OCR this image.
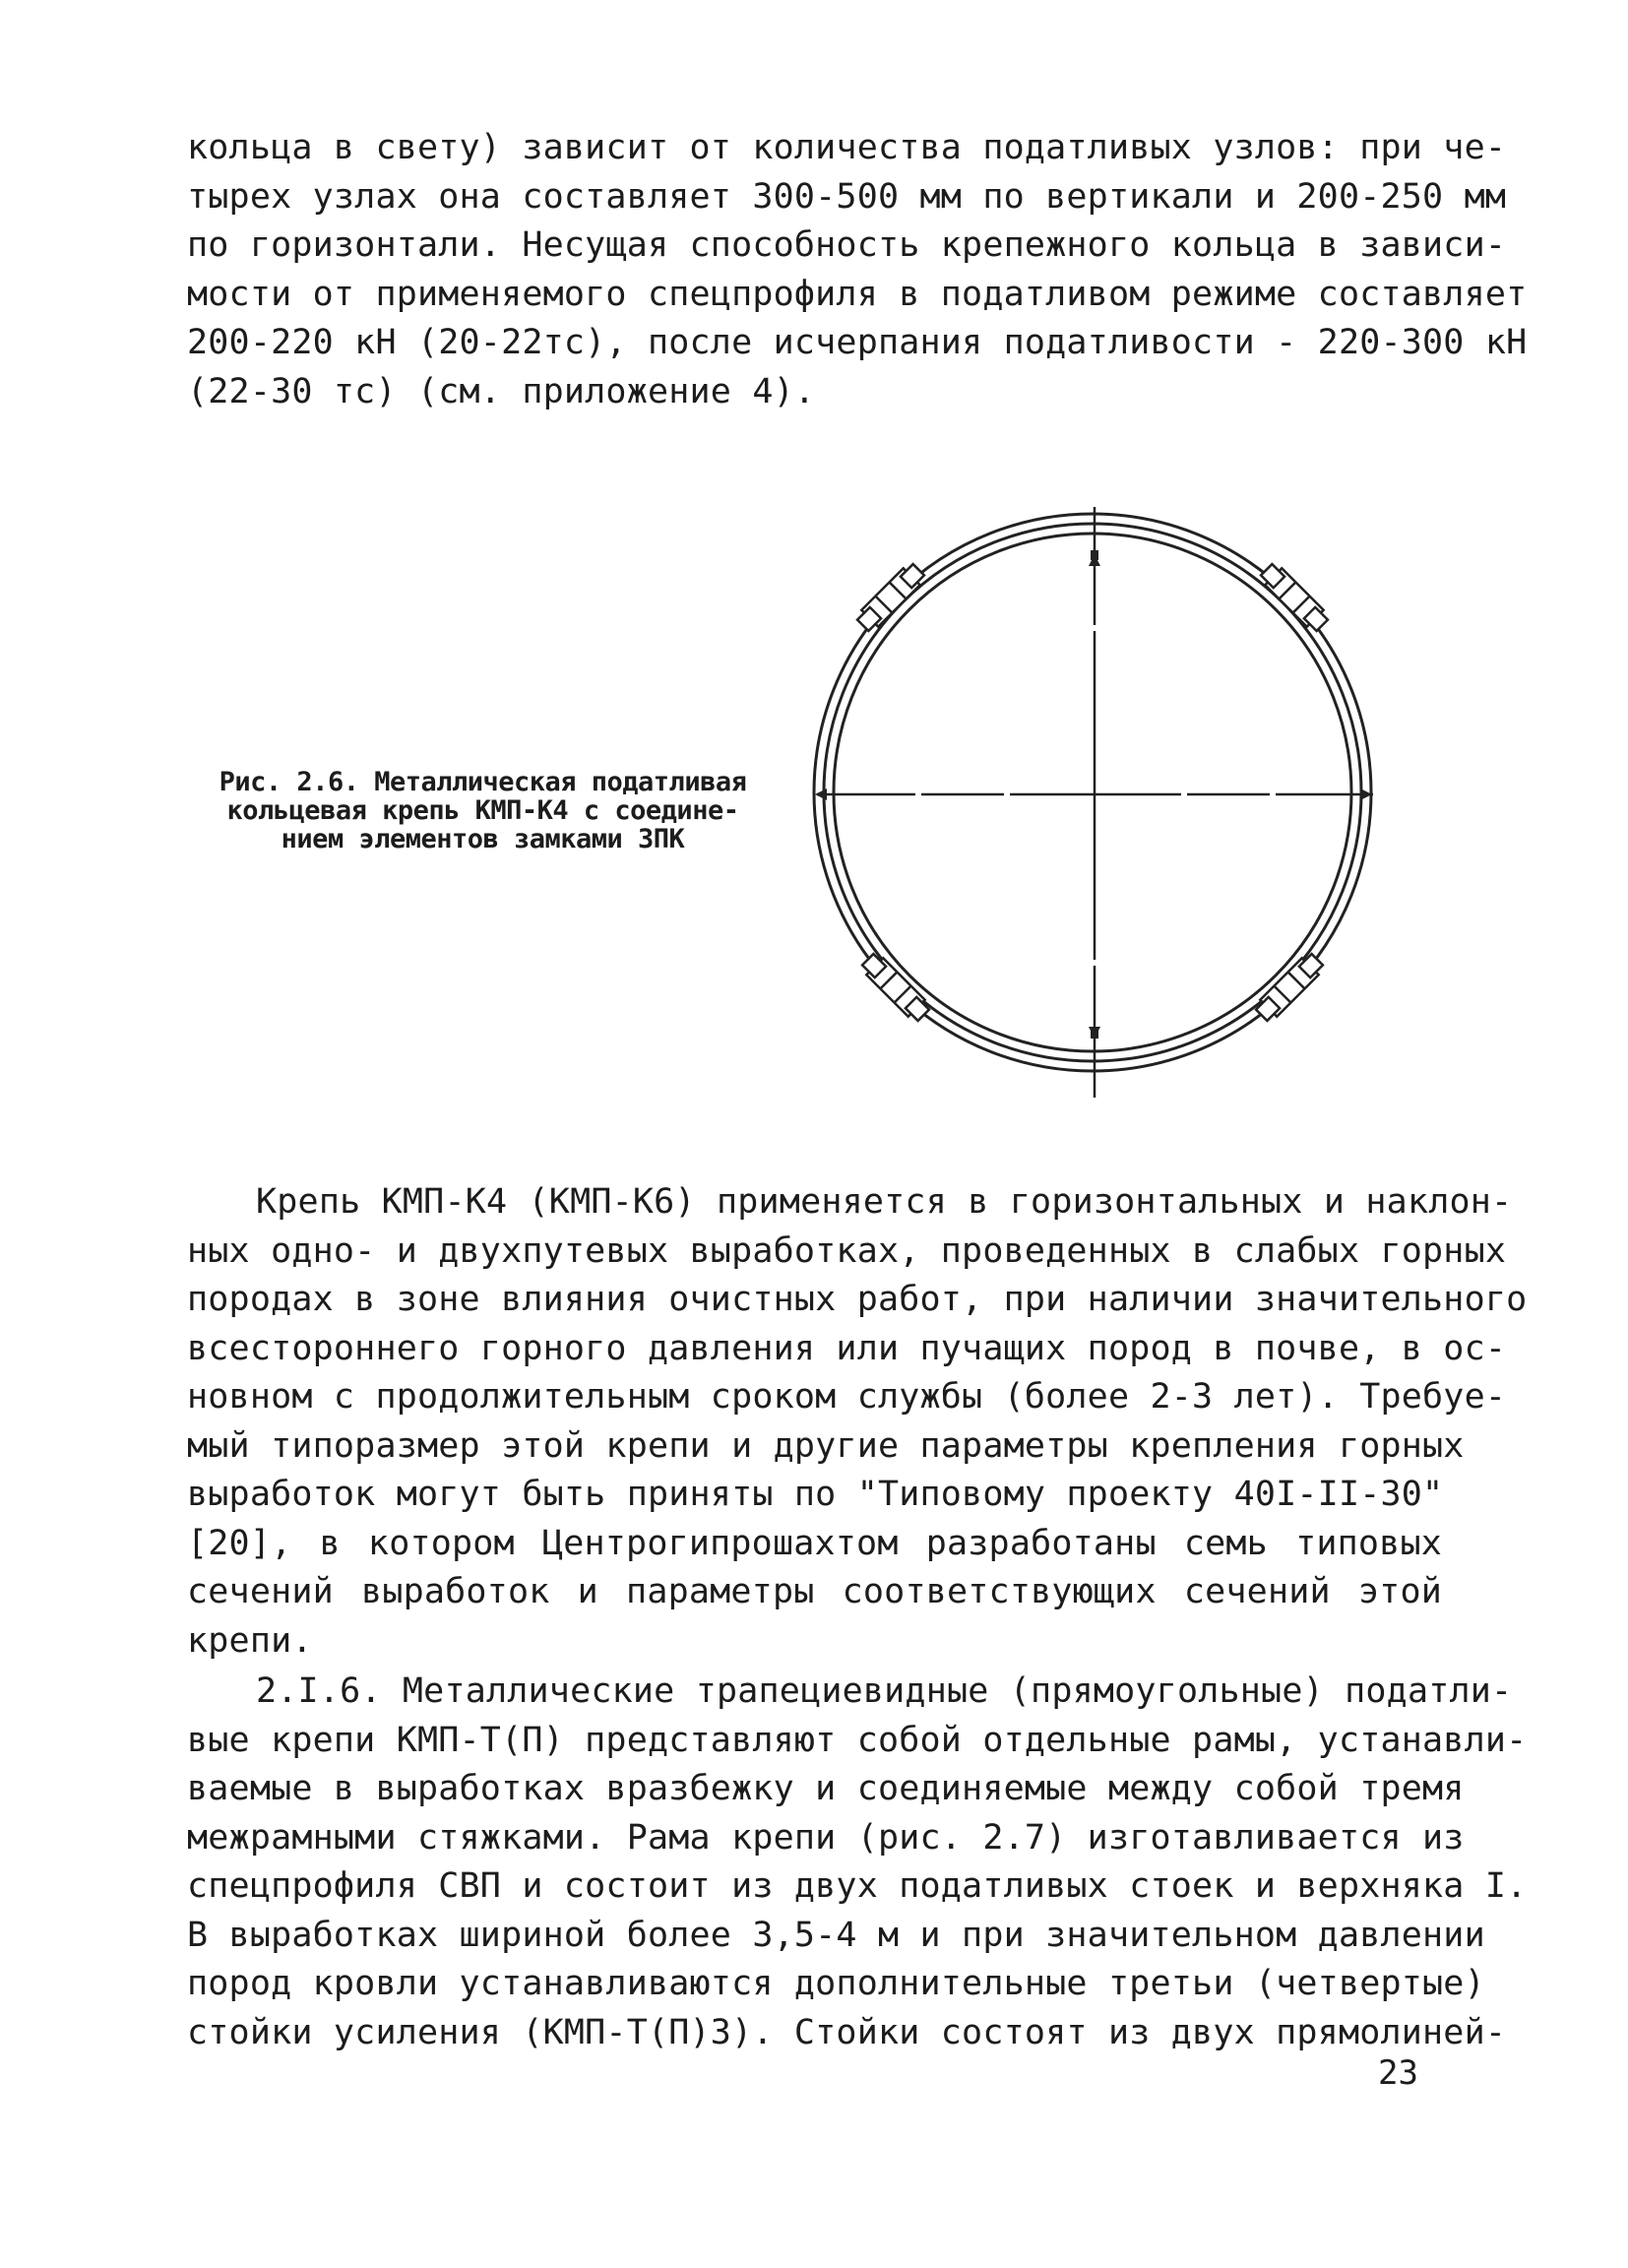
кольца в свету) зависит от количества податливых узлов: при че-
тырех узлах она составляет 300-500 мм по вертикали и 200-250 мм
по горизонтали. Несущая способность крепежного кольца в зависи-
мости от применяемого спецпрофиля в податливом режиме составляет
200-220 кН (20-22тс), после исчерпания податливости - 220-300 кН
(22-30 тс) (см. приложение 4).
Рис. 2.6. Металлическая податливая
кольцевая крепь КМП-К4 с соедине-
нием элементов замками ЗПК
Крепь КМП-К4 (КМП-К6) применяется в горизонтальных и наклон-
ных одно- и двухпутевых выработках, проведенных в слабых горных
породах в зоне влияния очистных работ, при наличии значительного
всестороннего горного давления или пучащих пород в почве, в ос-
новном с продолжительным сроком службы (более 2-3 лет). Требуе-
мый типоразмер этой крепи и другие параметры крепления горных
выработок могут быть приняты по "Типовому проекту 40I-II-30"
[20], в котором Центрогипрошахтом разработаны семь типовых
сечений выработок и параметры соответствующих сечений этой
крепи.
2.I.6. Металлические трапециевидные (прямоугольные) податли-
вые крепи КМП-Т(П) представляют собой отдельные рамы, устанавли-
ваемые в выработках вразбежку и соединяемые между собой тремя
межрамными стяжками. Рама крепи (рис. 2.7) изготавливается из
спецпрофиля СВП и состоит из двух податливых стоек и верхняка I.
В выработках шириной более 3,5-4 м и при значительном давлении
пород кровли устанавливаются дополнительные третьи (четвертые)
стойки усиления (КМП-Т(П)3). Стойки состоят из двух прямолиней-
23
